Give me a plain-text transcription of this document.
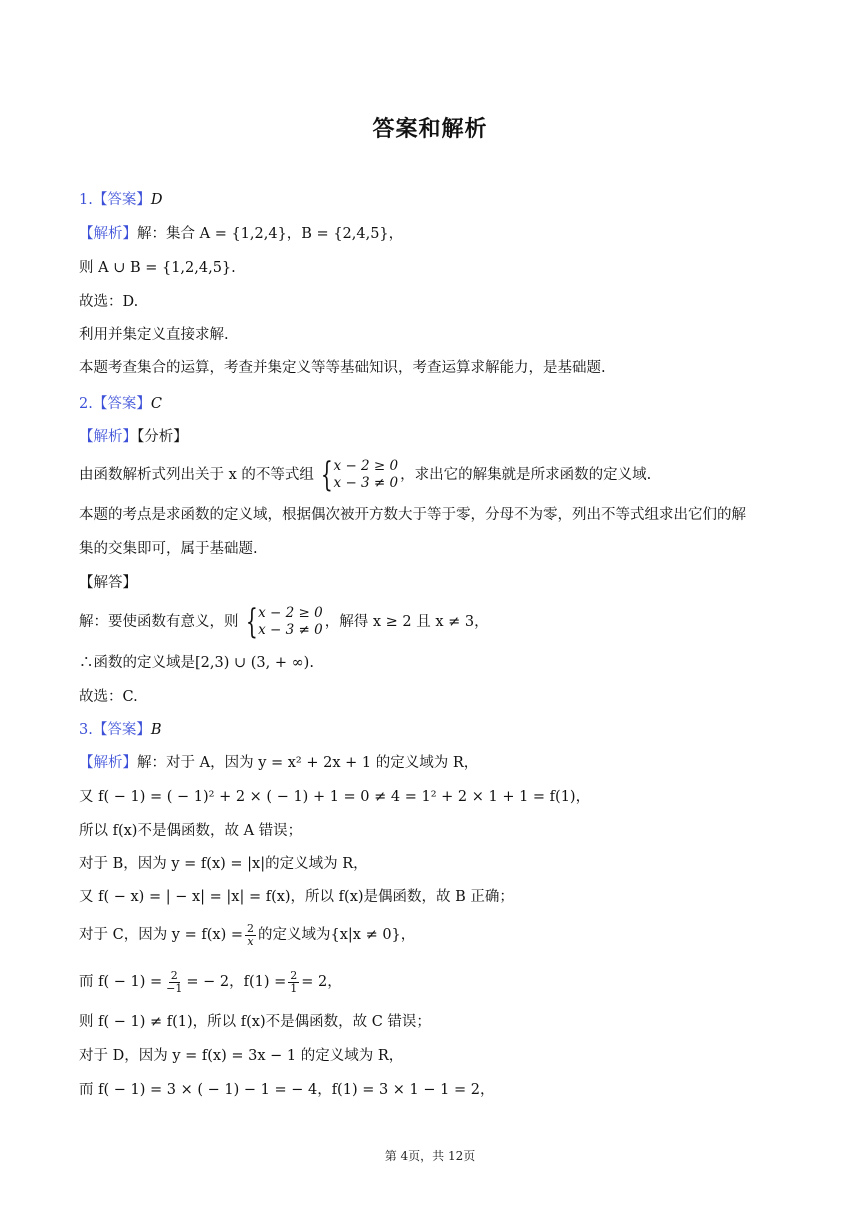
答案和解析
1.【答案】D
【解析】解：集合 A = {1,2,4}，B = {2,4,5}，
则 A ∪ B = {1,2,4,5}.
故选：D.
利用并集定义直接求解.
本题考查集合的运算，考查并集定义等等基础知识，考查运算求解能力，是基础题.
2.【答案】C
【解析】【分析】
由函数解析式列出关于 x 的不等式组 { x − 2 ≥ 0
x − 3 ≠ 0 ，求出它的解集就是所求函数的定义域.
本题的考点是求函数的定义域，根据偶次被开方数大于等于零，分母不为零，列出不等式组求出它们的解
集的交集即可，属于基础题.
【解答】
解：要使函数有意义，则 { x − 2 ≥ 0
x − 3 ≠ 0 ，解得 x ≥ 2 且 x ≠ 3，
∴函数的定义域是[2,3) ∪ (3, + ∞).
故选：C.
3.【答案】B
【解析】解：对于 A，因为 y = x² + 2x + 1 的定义域为 R，
又 f( − 1) = ( − 1)² + 2 × ( − 1) + 1 = 0 ≠ 4 = 1² + 2 × 1 + 1 = f(1)，
所以 f(x)不是偶函数，故 A 错误；
对于 B，因为 y = f(x) = |x|的定义域为 R，
又 f( − x) = | − x| = |x| = f(x)，所以 f(x)是偶函数，故 B 正确；
对于 C，因为 $y = f(x) = \frac{2}{x}$ 的定义域为{x|x ≠ 0}，
而 $f( - 1) = \frac{2}{-1}$ = − 2，$f(1) = \frac{2}{1} = 2$，
则 f( − 1) ≠ f(1)，所以 f(x)不是偶函数，故 C 错误；
对于 D，因为 y = f(x) = 3x − 1 的定义域为 R，
而 f( − 1) = 3 × ( − 1) − 1 = − 4，f(1) = 3 × 1 − 1 = 2，
第 4页，共 12页
